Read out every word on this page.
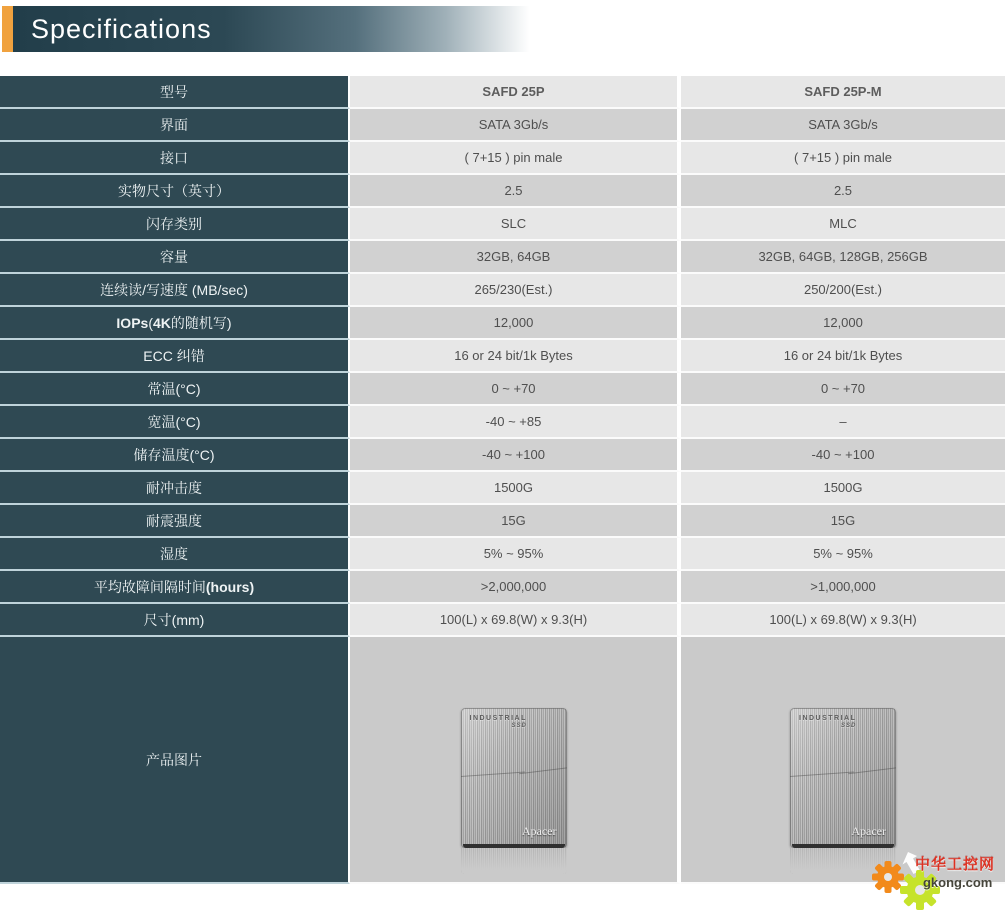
Specifications
型号	SAFD 25P	SAFD 25P-M
界面	SATA 3Gb/s	SATA 3Gb/s
接口	( 7+15 ) pin male	( 7+15 ) pin male
实物尺寸（英寸）	2.5	2.5
闪存类别	SLC	MLC
容量	32GB, 64GB	32GB, 64GB, 128GB, 256GB
连续读/写速度 (MB/sec)	265/230(Est.)	250/200(Est.)
IOPs ( 4K 的随机写)	12,000	12,000
ECC 纠错	16 or 24 bit/1k Bytes	16 or 24 bit/1k Bytes
常温(°C)	0 ~ +70	0 ~ +70
宽温(°C)	-40 ~ +85	–
储存温度(°C)	-40 ~ +100	-40 ~ +100
耐冲击度	1500G	1500G
耐震强度	15G	15G
湿度	5% ~ 95%	5% ~ 95%
平均故障间隔时间 (hours)	>2,000,000	>1,000,000
尺寸(mm)	100(L) x 69.8(W) x 9.3(H)	100(L) x 69.8(W) x 9.3(H)
产品图片
INDUSTRIAL
SSD
Apacer
INDUSTRIAL
SSD
Apacer
中华工控网
gkong.com
